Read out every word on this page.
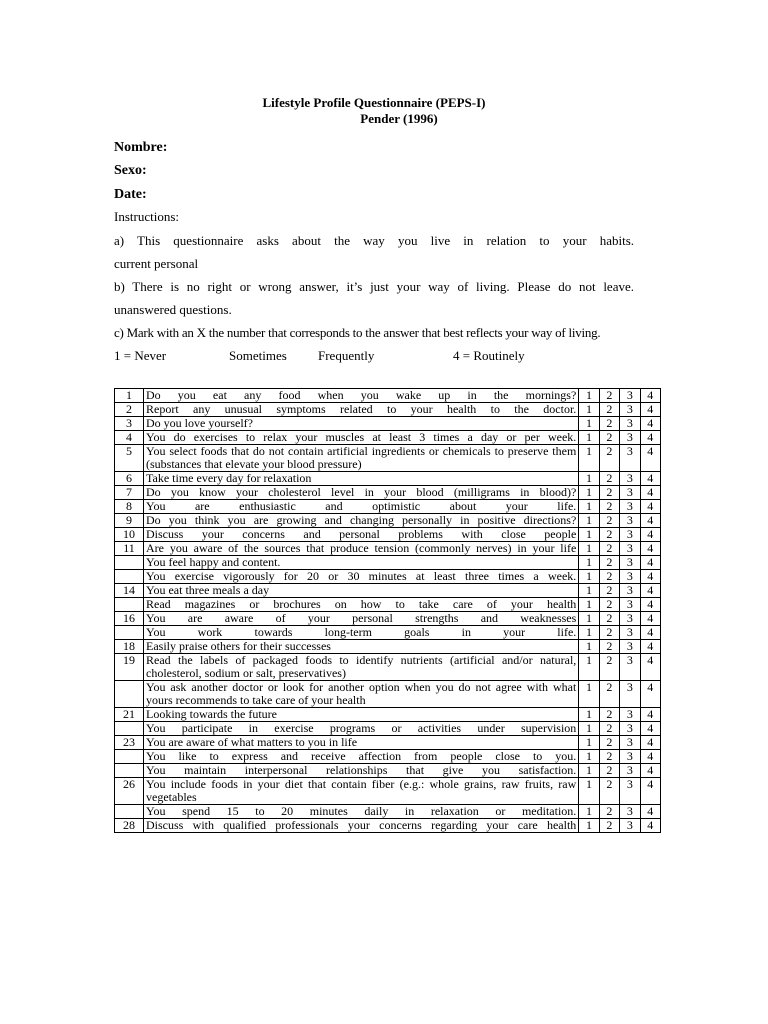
Lifestyle Profile Questionnaire (PEPS-I)
Pender (1996)
Nombre:
Sexo:
Date:
Instructions:
a) This questionnaire asks about the way you live in relation to your habits.
current personal
b) There is no right or wrong answer, it’s just your way of living. Please do not leave.
unanswered questions.
c) Mark with an X the number that corresponds to the answer that best reflects your way of living.
1 = Never	Sometimes Frequently	4 = Routinely
1	Do you eat any food when you wake up in the mornings?	1	2	3	4
2	Report any unusual symptoms related to your health to the doctor.	1	2	3	4
3	Do you love yourself?	1	2	3	4
4	You do exercises to relax your muscles at least 3 times a day or per week.	1	2	3	4
5	You select foods that do not contain artificial ingredients or chemicals to preserve them (substances that elevate your blood pressure)	1	2	3	4
6	Take time every day for relaxation	1	2	3	4
7	Do you know your cholesterol level in your blood (milligrams in blood)?	1	2	3	4
8	You are enthusiastic and optimistic about your life.	1	2	3	4
9	Do you think you are growing and changing personally in positive directions?	1	2	3	4
10	Discuss your concerns and personal problems with close people	1	2	3	4
11	Are you aware of the sources that produce tension (commonly nerves) in your life	1	2	3	4
	You feel happy and content.	1	2	3	4
	You exercise vigorously for 20 or 30 minutes at least three times a week.	1	2	3	4
14	You eat three meals a day	1	2	3	4
	Read magazines or brochures on how to take care of your health	1	2	3	4
16	You are aware of your personal strengths and weaknesses	1	2	3	4
	You work towards long-term goals in your life.	1	2	3	4
18	Easily praise others for their successes	1	2	3	4
19	Read the labels of packaged foods to identify nutrients (artificial and/or natural, cholesterol, sodium or salt, preservatives)	1	2	3	4
	You ask another doctor or look for another option when you do not agree with what yours recommends to take care of your health	1	2	3	4
21	Looking towards the future	1	2	3	4
	You participate in exercise programs or activities under supervision	1	2	3	4
23	You are aware of what matters to you in life	1	2	3	4
	You like to express and receive affection from people close to you.	1	2	3	4
	You maintain interpersonal relationships that give you satisfaction.	1	2	3	4
26	You include foods in your diet that contain fiber (e.g.: whole grains, raw fruits, raw vegetables	1	2	3	4
	You spend 15 to 20 minutes daily in relaxation or meditation.	1	2	3	4
28	Discuss with qualified professionals your concerns regarding your care health	1	2	3	4
